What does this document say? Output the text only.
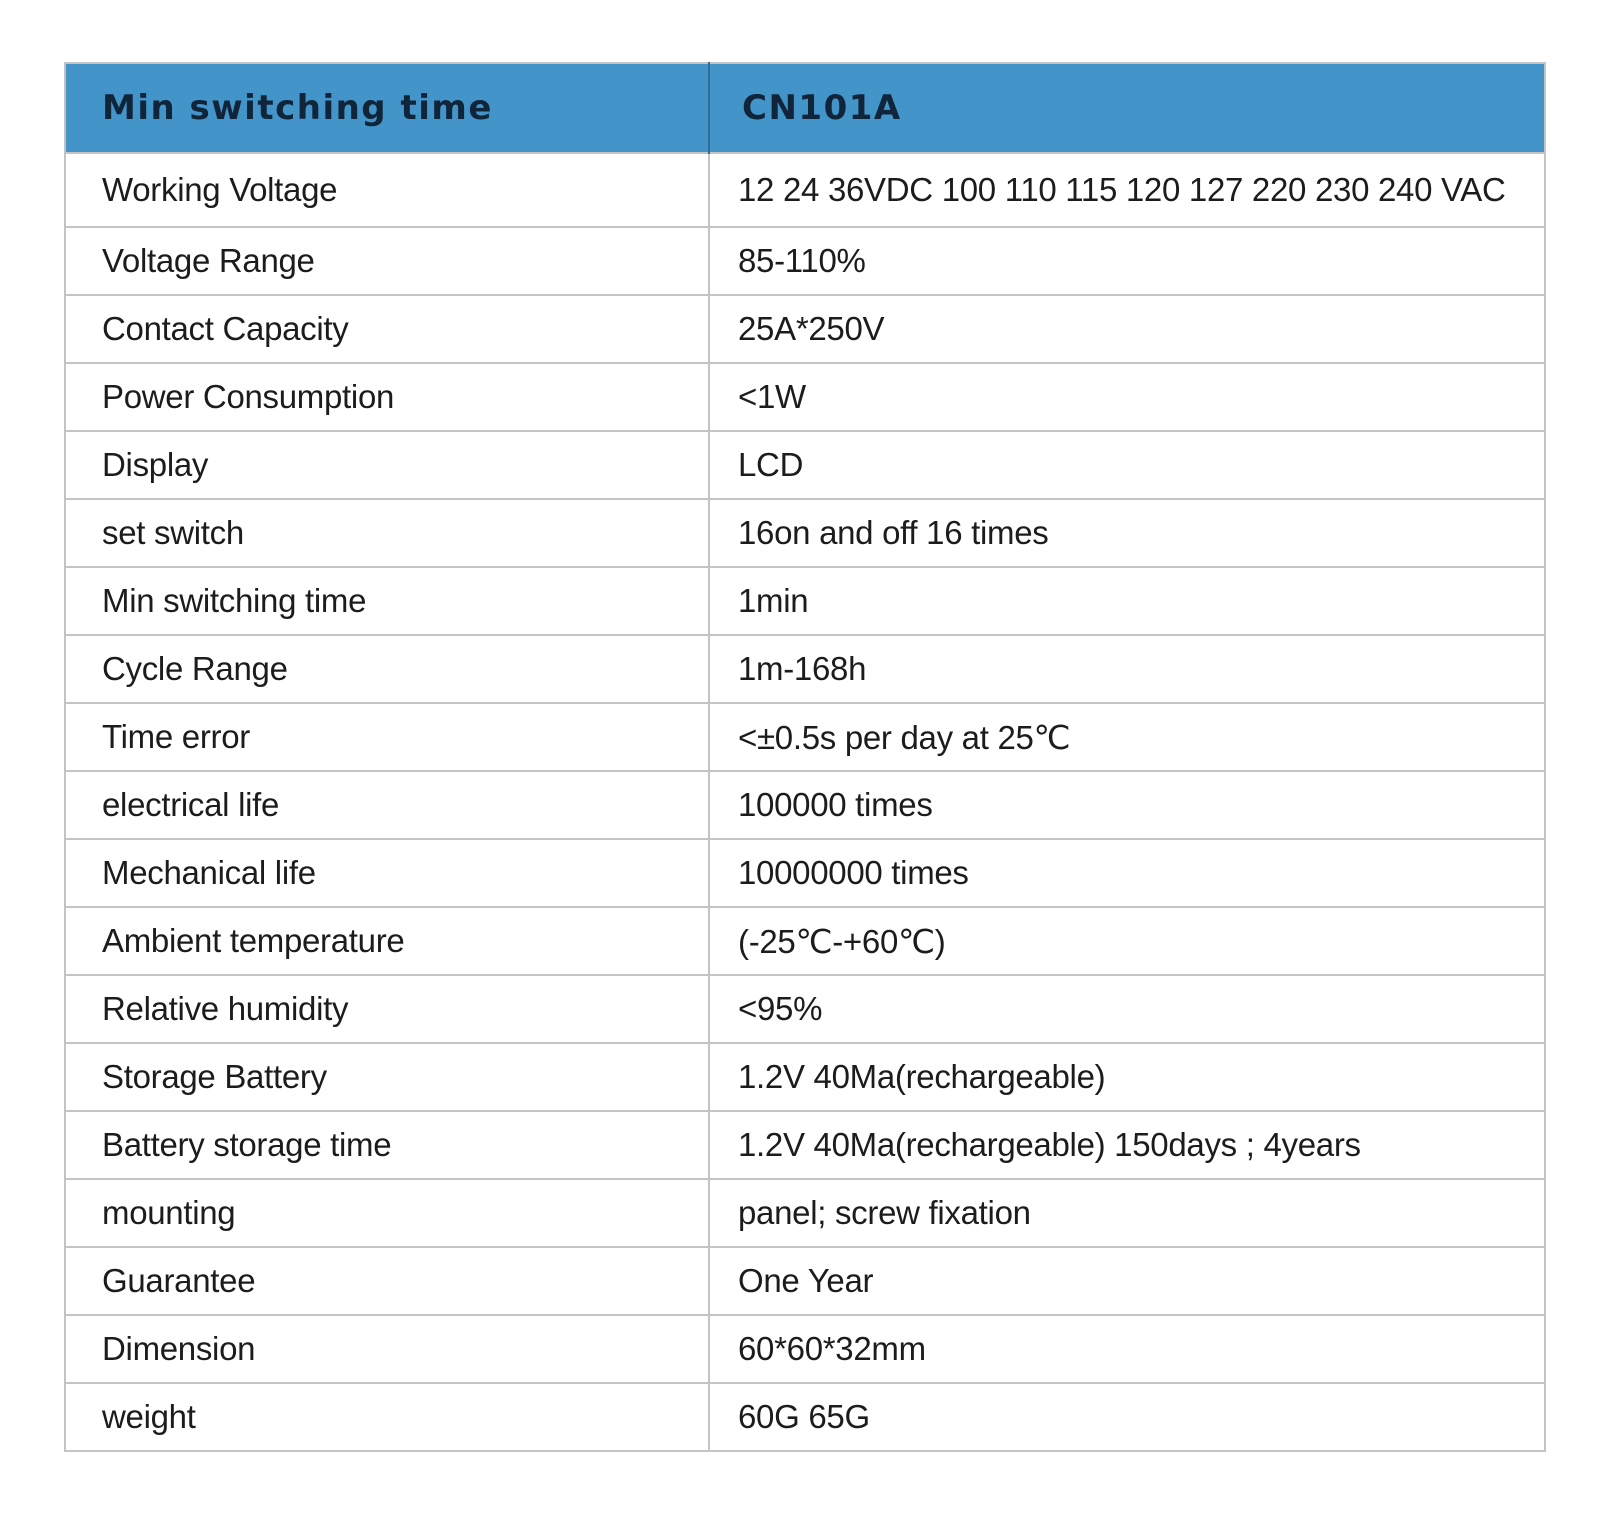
Min switching time	CN101A
Working Voltage	12 24 36VDC 100 110 115 120 127 220 230 240 VAC
Voltage Range	85-110%
Contact Capacity	25A*250V
Power Consumption	<1W
Display	LCD
set switch	16on and off 16 times
Min switching time	1min
Cycle Range	1m-168h
Time error	<±0.5s per day at 25℃
electrical life	100000 times
Mechanical life	10000000 times
Ambient temperature	(-25℃-+60℃)
Relative humidity	<95%
Storage Battery	1.2V 40Ma(rechargeable)
Battery storage time	1.2V 40Ma(rechargeable) 150days ; 4years
mounting	panel; screw fixation
Guarantee	One Year
Dimension	60*60*32mm
weight	60G 65G
